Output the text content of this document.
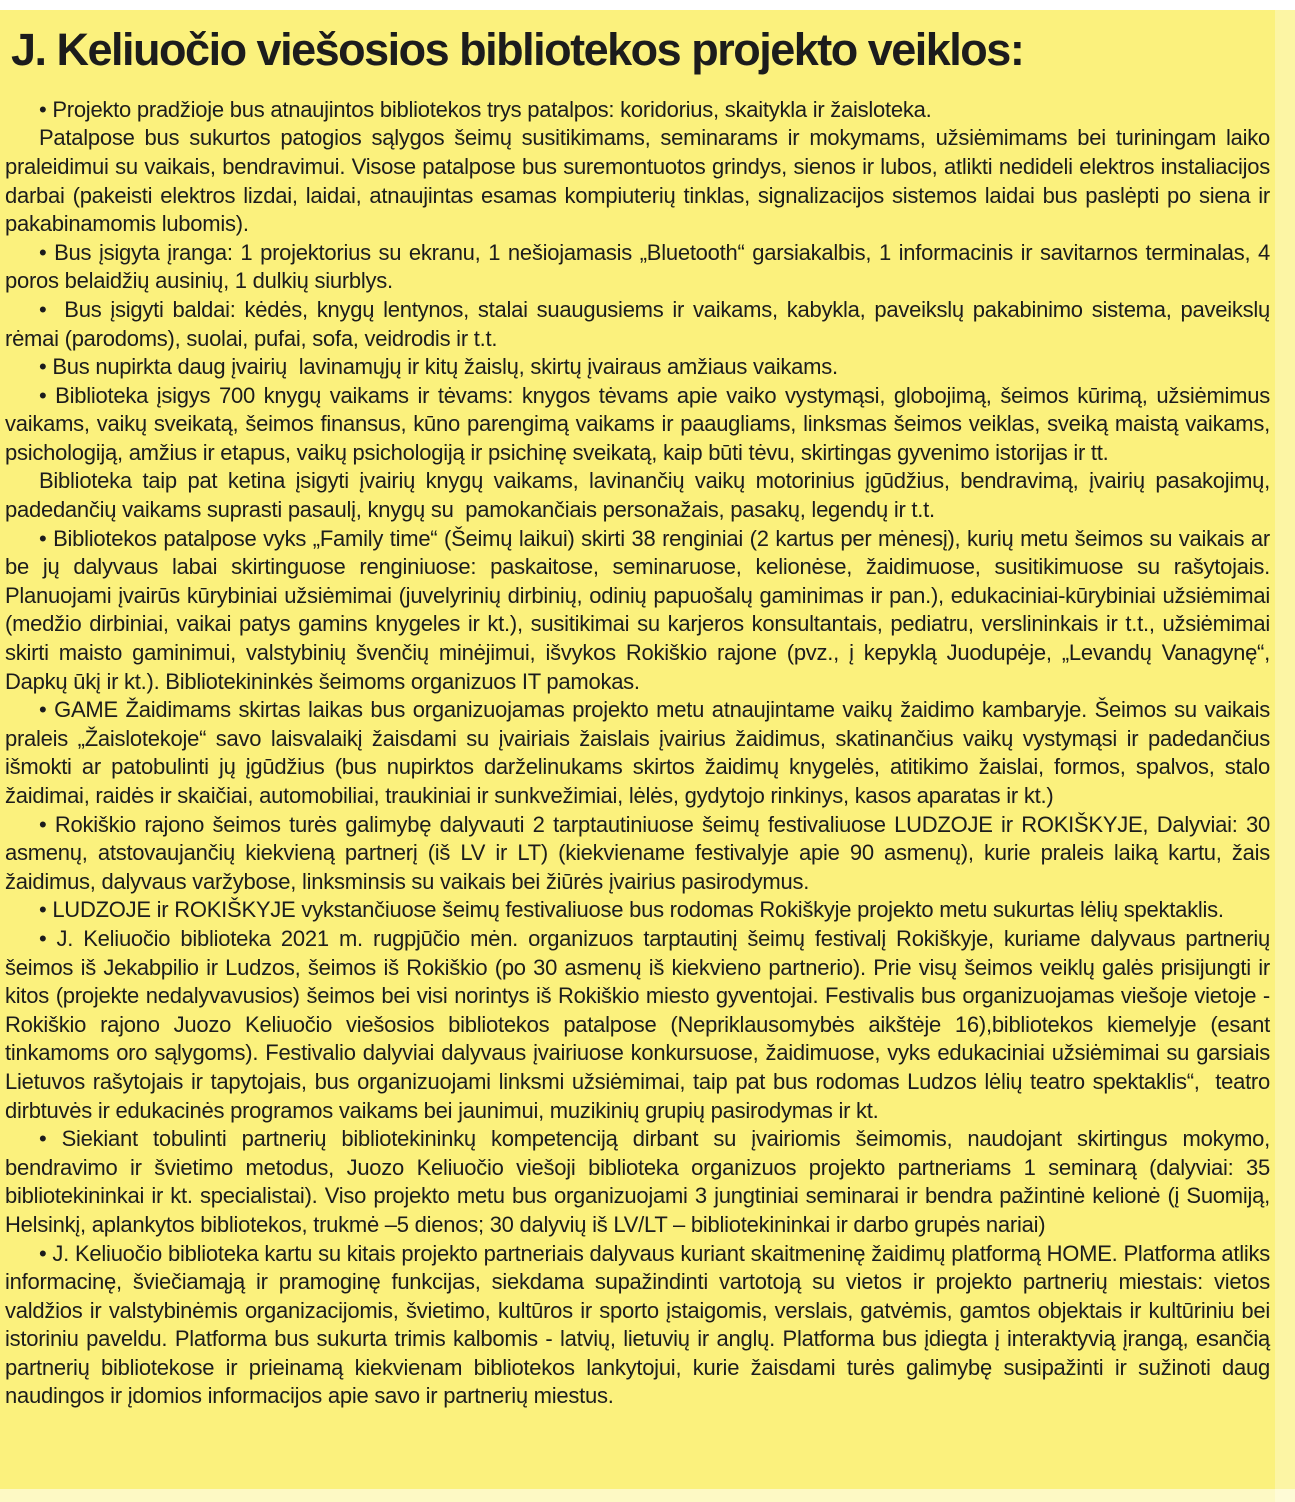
J. Keliuočio viešosios bibliotekos projekto veiklos:

• Projekto pradžioje bus atnaujintos bibliotekos trys patalpos: koridorius, skaitykla ir žaisloteka.

Patalpose bus sukurtos patogios sąlygos šeimų susitikimams, seminarams ir mokymams, užsiėmimams bei turiningam laiko praleidimui su vaikais, bendravimui. Visose patalpose bus suremontuotos grindys, sienos ir lubos, atlikti nedideli elektros instaliacijos darbai (pakeisti elektros lizdai, laidai, atnaujintas esamas kompiuterių tinklas, signalizacijos sistemos laidai bus paslėpti po siena ir pakabinamomis lubomis).

• Bus įsigyta įranga: 1 projektorius su ekranu, 1 nešiojamasis „Bluetooth“ garsiakalbis, 1 informacinis ir savitarnos terminalas, 4 poros belaidžių ausinių, 1 dulkių siurblys.

•  Bus įsigyti baldai: kėdės, knygų lentynos, stalai suaugusiems ir vaikams, kabykla, paveikslų pakabinimo sistema, paveikslų rėmai (parodoms), suolai, pufai, sofa, veidrodis ir t.t.

• Bus nupirkta daug įvairių  lavinamųjų ir kitų žaislų, skirtų įvairaus amžiaus vaikams.

• Biblioteka įsigys 700 knygų vaikams ir tėvams: knygos tėvams apie vaiko vystymąsi, globojimą, šeimos kūrimą, užsiėmimus vaikams, vaikų sveikatą, šeimos finansus, kūno parengimą vaikams ir paaugliams, linksmas šeimos veiklas, sveiką maistą vaikams, psichologiją, amžius ir etapus, vaikų psichologiją ir psichinę sveikatą, kaip būti tėvu, skirtingas gyvenimo istorijas ir tt.

Biblioteka taip pat ketina įsigyti įvairių knygų vaikams, lavinančių vaikų motorinius įgūdžius, bendravimą, įvairių pasakojimų, padedančių vaikams suprasti pasaulį, knygų su  pamokančiais personažais, pasakų, legendų ir t.t.

• Bibliotekos patalpose vyks „Family time“ (Šeimų laikui) skirti 38 renginiai (2 kartus per mėnesį), kurių metu šeimos su vaikais ar be jų dalyvaus labai skirtinguose renginiuose: paskaitose, seminaruose, kelionėse, žaidimuose, susitikimuose su rašytojais. Planuojami įvairūs kūrybiniai užsiėmimai (juvelyrinių dirbinių, odinių papuošalų gaminimas ir pan.), edukaciniai-kūrybiniai užsiėmimai (medžio dirbiniai, vaikai patys gamins knygeles ir kt.), susitikimai su karjeros konsultantais, pediatru, verslininkais ir t.t., užsiėmimai skirti maisto gaminimui, valstybinių švenčių minėjimui, išvykos Rokiškio rajone (pvz., į kepyklą Juodupėje, „Levandų Vanagynę“, Dapkų ūkį ir kt.). Bibliotekininkės šeimoms organizuos IT pamokas.

• GAME Žaidimams skirtas laikas bus organizuojamas projekto metu atnaujintame vaikų žaidimo kambaryje. Šeimos su vaikais praleis „Žaislotekoje“ savo laisvalaikį žaisdami su įvairiais žaislais įvairius žaidimus, skatinančius vaikų vystymąsi ir padedančius išmokti ar patobulinti jų įgūdžius (bus nupirktos darželinukams skirtos žaidimų knygelės, atitikimo žaislai, formos, spalvos, stalo žaidimai, raidės ir skaičiai, automobiliai, traukiniai ir sunkvežimiai, lėlės, gydytojo rinkinys, kasos aparatas ir kt.)

• Rokiškio rajono šeimos turės galimybę dalyvauti 2 tarptautiniuose šeimų festivaliuose LUDZOJE ir ROKIŠKYJE, Dalyviai: 30 asmenų, atstovaujančių kiekvieną partnerį (iš LV ir LT) (kiekviename festivalyje apie 90 asmenų), kurie praleis laiką kartu, žais žaidimus, dalyvaus varžybose, linksminsis su vaikais bei žiūrės įvairius pasirodymus.

• LUDZOJE ir ROKIŠKYJE vykstančiuose šeimų festivaliuose bus rodomas Rokiškyje projekto metu sukurtas lėlių spektaklis.

• J. Keliuočio biblioteka 2021 m. rugpjūčio mėn. organizuos tarptautinį šeimų festivalį Rokiškyje, kuriame dalyvaus partnerių šeimos iš Jekabpilio ir Ludzos, šeimos iš Rokiškio (po 30 asmenų iš kiekvieno partnerio). Prie visų šeimos veiklų galės prisijungti ir kitos (projekte nedalyvavusios) šeimos bei visi norintys iš Rokiškio miesto gyventojai. Festivalis bus organizuojamas viešoje vietoje - Rokiškio rajono Juozo Keliuočio viešosios bibliotekos patalpose (Nepriklausomybės aikštėje 16),bibliotekos kiemelyje (esant tinkamoms oro sąlygoms). Festivalio dalyviai dalyvaus įvairiuose konkursuose, žaidimuose, vyks edukaciniai užsiėmimai su garsiais Lietuvos rašytojais ir tapytojais, bus organizuojami linksmi užsiėmimai, taip pat bus rodomas Ludzos lėlių teatro spektaklis“,  teatro dirbtuvės ir edukacinės programos vaikams bei jaunimui, muzikinių grupių pasirodymas ir kt.

• Siekiant tobulinti partnerių bibliotekininkų kompetenciją dirbant su įvairiomis šeimomis, naudojant skirtingus mokymo, bendravimo ir švietimo metodus, Juozo Keliuočio viešoji biblioteka organizuos projekto partneriams 1 seminarą (dalyviai: 35 bibliotekininkai ir kt. specialistai). Viso projekto metu bus organizuojami 3 jungtiniai seminarai ir bendra pažintinė kelionė (į Suomiją, Helsinkį, aplankytos bibliotekos, trukmė –5 dienos; 30 dalyvių iš LV/LT – bibliotekininkai ir darbo grupės nariai)

• J. Keliuočio biblioteka kartu su kitais projekto partneriais dalyvaus kuriant skaitmeninę žaidimų platformą HOME. Platforma atliks informacinę, šviečiamąją ir pramoginę funkcijas, siekdama supažindinti vartotoją su vietos ir projekto partnerių miestais: vietos valdžios ir valstybinėmis organizacijomis, švietimo, kultūros ir sporto įstaigomis, verslais, gatvėmis, gamtos objektais ir kultūriniu bei istoriniu paveldu. Platforma bus sukurta trimis kalbomis - latvių, lietuvių ir anglų. Platforma bus įdiegta į interaktyvią įrangą, esančią partnerių bibliotekose ir prieinamą kiekvienam bibliotekos lankytojui, kurie žaisdami turės galimybę susipažinti ir sužinoti daug naudingos ir įdomios informacijos apie savo ir partnerių miestus.
